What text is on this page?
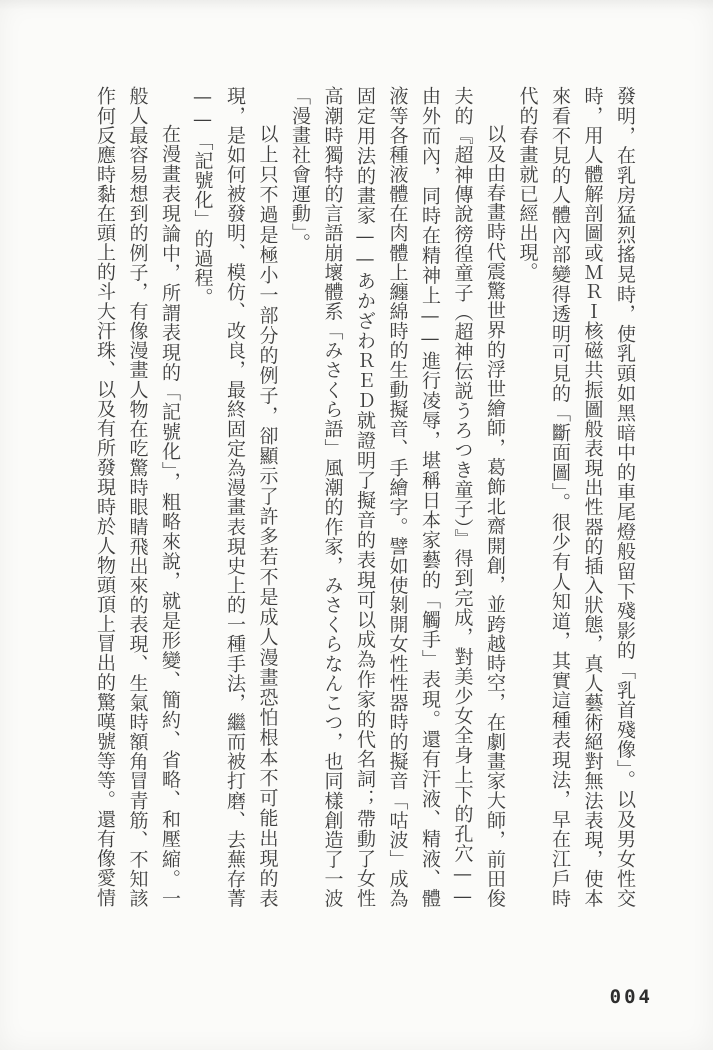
發明，在乳房猛烈搖晃時，使乳頭如黑暗中的車尾燈般留下殘影的「乳首殘像」。以及男女性交時，用人體解剖圖或ＭＲＩ核磁共振圖般表現出性器的插入狀態，真人藝術絕對無法表現，使本來看不見的人體內部變得透明可見的「斷面圖」。很少有人知道，其實這種表現法，早在江戶時代的春畫就已經出現。

以及由春畫時代震驚世界的浮世繪師，葛飾北齋開創，並跨越時空，在劇畫家大師，前田俊夫的『超神傳說徬徨童子（超神伝説うろつき童子）』得到完成，對美少女全身上下的孔穴——由外而內，同時在精神上——進行凌辱，堪稱日本家藝的「觸手」表現。還有汗液、精液、體液等各種液體在肉體上纏綿時的生動擬音、手繪字。譬如使剝開女性性器時的擬音「咕波」成為固定用法的畫家——あかざわＲＥＤ就證明了擬音的表現可以成為作家的代名詞；帶動了女性高潮時獨特的言語崩壞體系「みさくら語」風潮的作家，みさくらなんこつ，也同樣創造了一波「漫畫社會運動」。

以上只不過是極小一部分的例子，卻顯示了許多若不是成人漫畫恐怕根本不可能出現的表現，是如何被發明、模仿、改良，最終固定為漫畫表現史上的一種手法，繼而被打磨、去蕪存菁——「記號化」的過程。

在漫畫表現論中，所謂表現的「記號化」，粗略來說，就是形變、簡約、省略、和壓縮。一般人最容易想到的例子，有像漫畫人物在吃驚時眼睛飛出來的表現、生氣時額角冒青筋、不知該作何反應時黏在頭上的斗大汗珠、以及有所發現時於人物頭頂上冒出的驚嘆號等等。還有像愛情

004
